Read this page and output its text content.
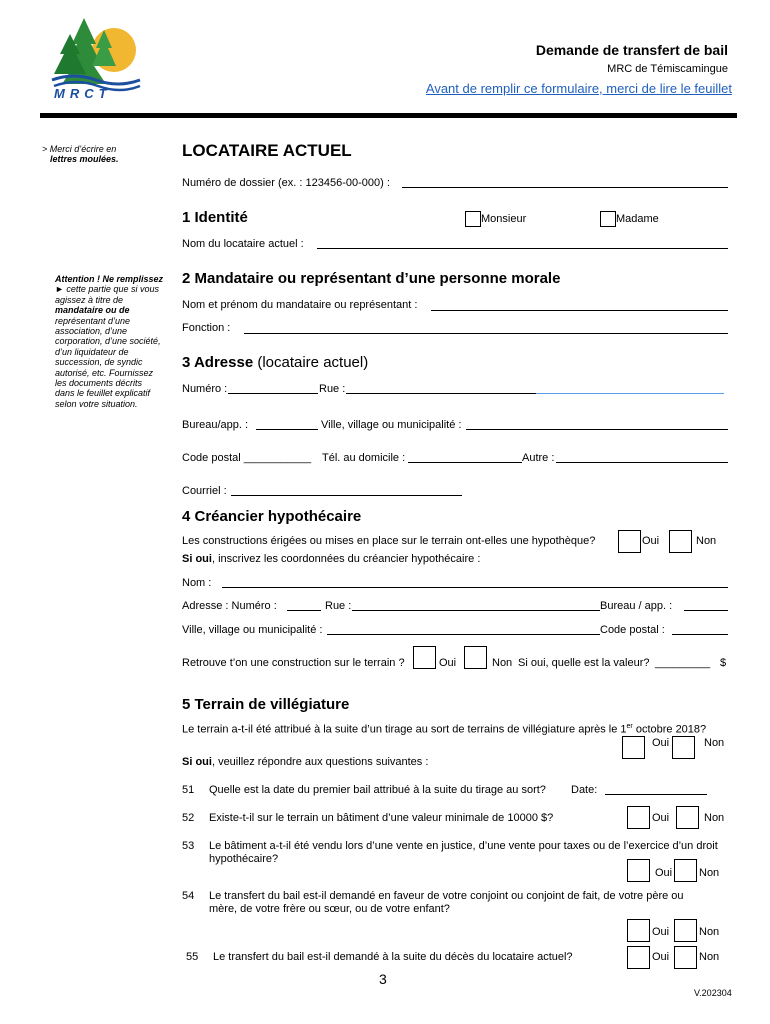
MRCT
Demande de transfert de bail
MRC de Témiscamingue
Avant de remplir ce formulaire, merci de lire le feuillet
> Merci d’écrire en
lettres moulées.
Attention ! Ne remplissez
► cette partie que si vous
agissez à titre de
mandataire ou de
représentant d’une
association, d’une
corporation, d’une société,
d’un liquidateur de
succession, de syndic
autorisé, etc. Fournissez
les documents décrits
dans le feuillet explicatif
selon votre situation.
LOCATAIRE ACTUEL
Numéro de dossier (ex. : 123456-00-000) :
1 Identité	Monsieur	Madame
Nom du locataire actuel :
2 Mandataire ou représentant d’une personne morale
Nom et prénom du mandataire ou représentant :
Fonction :
3 Adresse (locataire actuel)
Numéro :	Rue :
Bureau/app. :	Ville, village ou municipalité :
Code postal ___________ Tél. au domicile :	Autre :
Courriel :
4 Créancier hypothécaire
Les constructions érigées ou mises en place sur le terrain ont-elles une hypothèque?	Oui	Non
Si oui, inscrivez les coordonnées du créancier hypothécaire :
Nom :
Adresse : Numéro :	Rue :	Bureau / app. :
Ville, village ou municipalité :	Code postal :
Retrouve t’on une construction sur le terrain ?	Oui	Non Si oui, quelle est la valeur? _________ $
5 Terrain de villégiature
Le terrain a-t-il été attribué à la suite d’un tirage au sort de terrains de villégiature après le 1er octobre 2018?
Oui	Non
Si oui, veuillez répondre aux questions suivantes :
51 Quelle est la date du premier bail attribué à la suite du tirage au sort? Date:
52 Existe-t-il sur le terrain un bâtiment d’une valeur minimale de 10000 $?	Oui	Non
53 Le bâtiment a-t-il été vendu lors d’une vente en justice, d’une vente pour taxes ou de l’exercice d’un droit
hypothécaire?
Oui Non
54 Le transfert du bail est-il demandé en faveur de votre conjoint ou conjoint de fait, de votre père ou
mère, de votre frère ou sœur, ou de votre enfant?
Oui	Non
55 Le transfert du bail est-il demandé à la suite du décès du locataire actuel?	Oui	Non
3
V.202304
